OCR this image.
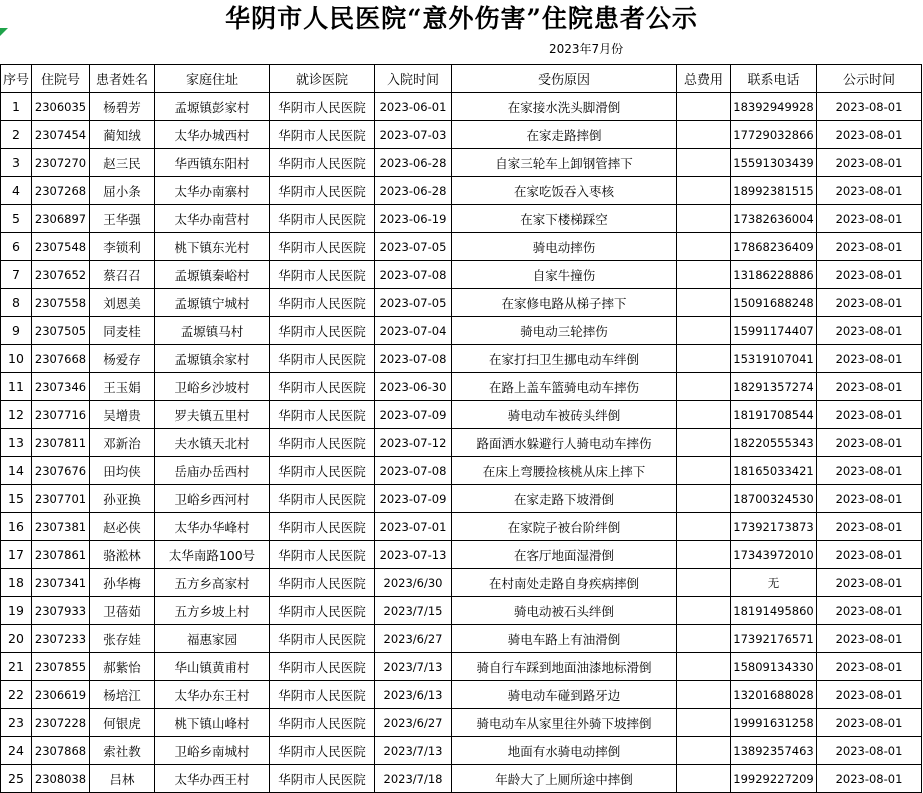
华阴市人民医院“意外伤害”住院患者公示
2023年7月份
序号	住院号	患者姓名	家庭住址	就诊医院	入院时间	受伤原因	总费用	联系电话	公示时间
1	2306035	杨碧芳	孟塬镇彭家村	华阴市人民医院	2023-06-01	在家接水洗头脚滑倒		18392949928	2023-08-01
2	2307454	蔺知绒	太华办城西村	华阴市人民医院	2023-07-03	在家走路摔倒		17729032866	2023-08-01
3	2307270	赵三民	华西镇东阳村	华阴市人民医院	2023-06-28	自家三轮车上卸钢管摔下		15591303439	2023-08-01
4	2307268	屈小条	太华办南寨村	华阴市人民医院	2023-06-28	在家吃饭吞入枣核		18992381515	2023-08-01
5	2306897	王华强	太华办南营村	华阴市人民医院	2023-06-19	在家下楼梯踩空		17382636004	2023-08-01
6	2307548	李锁利	桃下镇东光村	华阴市人民医院	2023-07-05	骑电动摔伤		17868236409	2023-08-01
7	2307652	蔡召召	孟塬镇秦峪村	华阴市人民医院	2023-07-08	自家牛撞伤		13186228886	2023-08-01
8	2307558	刘恩美	孟塬镇宁城村	华阴市人民医院	2023-07-05	在家修电路从梯子摔下		15091688248	2023-08-01
9	2307505	同麦桂	孟塬镇马村	华阴市人民医院	2023-07-04	骑电动三轮摔伤		15991174407	2023-08-01
10	2307668	杨爱存	孟塬镇余家村	华阴市人民医院	2023-07-08	在家打扫卫生挪电动车绊倒		15319107041	2023-08-01
11	2307346	王玉娟	卫峪乡沙坡村	华阴市人民医院	2023-06-30	在路上盖车篮骑电动车摔伤		18291357274	2023-08-01
12	2307716	吴增贵	罗夫镇五里村	华阴市人民医院	2023-07-09	骑电动车被砖头绊倒		18191708544	2023-08-01
13	2307811	邓新治	夫水镇天北村	华阴市人民医院	2023-07-12	路面洒水躲避行人骑电动车摔伤		18220555343	2023-08-01
14	2307676	田均侠	岳庙办岳西村	华阴市人民医院	2023-07-08	在床上弯腰捡核桃从床上摔下		18165033421	2023-08-01
15	2307701	孙亚换	卫峪乡西河村	华阴市人民医院	2023-07-09	在家走路下坡滑倒		18700324530	2023-08-01
16	2307381	赵必侠	太华办华峰村	华阴市人民医院	2023-07-01	在家院子被台阶绊倒		17392173873	2023-08-01
17	2307861	骆淞林	太华南路100号	华阴市人民医院	2023-07-13	在客厅地面湿滑倒		17343972010	2023-08-01
18	2307341	孙华梅	五方乡高家村	华阴市人民医院	2023/6/30	在村南处走路自身疾病摔倒		无	2023-08-01
19	2307933	卫蓓茹	五方乡坡上村	华阴市人民医院	2023/7/15	骑电动被石头绊倒		18191495860	2023-08-01
20	2307233	张存娃	福惠家园	华阴市人民医院	2023/6/27	骑电车路上有油滑倒		17392176571	2023-08-01
21	2307855	郝紫怡	华山镇黄甫村	华阴市人民医院	2023/7/13	骑自行车踩到地面油漆地标滑倒		15809134330	2023-08-01
22	2306619	杨培江	太华办东王村	华阴市人民医院	2023/6/13	骑电动车碰到路牙边		13201688028	2023-08-01
23	2307228	何银虎	桃下镇山峰村	华阴市人民医院	2023/6/27	骑电动车从家里往外骑下坡摔倒		19991631258	2023-08-01
24	2307868	索社教	卫峪乡南城村	华阴市人民医院	2023/7/13	地面有水骑电动摔倒		13892357463	2023-08-01
25	2308038	吕林	太华办西王村	华阴市人民医院	2023/7/18	年龄大了上厕所途中摔倒		19929227209	2023-08-01
